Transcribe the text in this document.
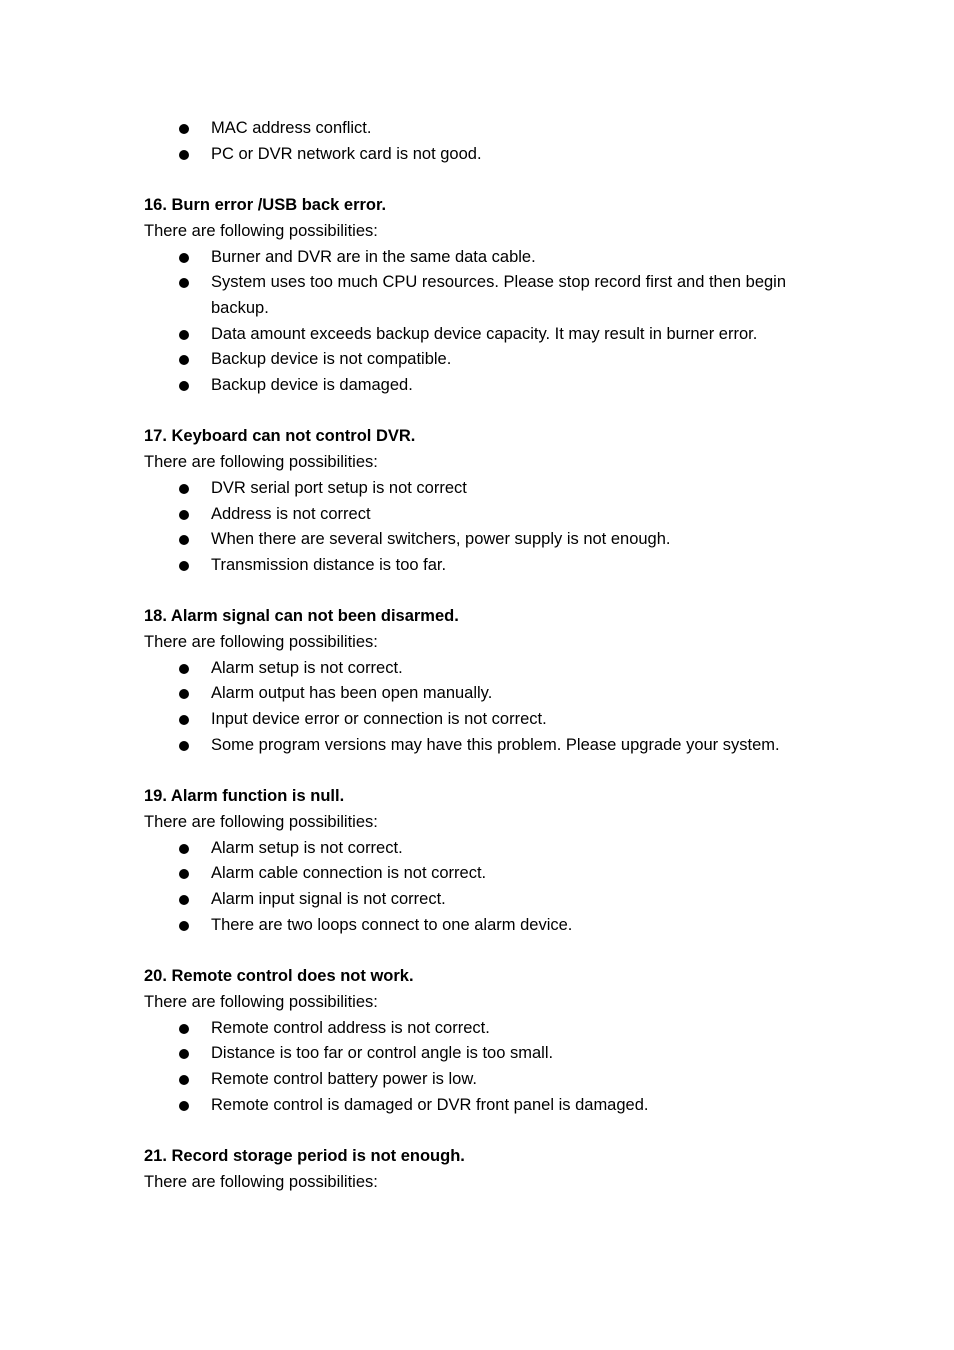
MAC address conflict.
PC or DVR network card is not good.
16. Burn error /USB back error.
There are following possibilities:
Burner and DVR are in the same data cable.
System uses too much CPU resources. Please stop record first and then begin backup.
Data amount exceeds backup device capacity. It may result in burner error.
Backup device is not compatible.
Backup device is damaged.
17. Keyboard can not control DVR.
There are following possibilities:
DVR serial port setup is not correct
Address is not correct
When there are several switchers, power supply is not enough.
Transmission distance is too far.
18. Alarm signal can not been disarmed.
There are following possibilities:
Alarm setup is not correct.
Alarm output has been open manually.
Input device error or connection is not correct.
Some program versions may have this problem. Please upgrade your system.
19. Alarm function is null.
There are following possibilities:
Alarm setup is not correct.
Alarm cable connection is not correct.
Alarm input signal is not correct.
There are two loops connect to one alarm device.
20. Remote control does not work.
There are following possibilities:
Remote control address is not correct.
Distance is too far or control angle is too small.
Remote control battery power is low.
Remote control is damaged or DVR front panel is damaged.
21. Record storage period is not enough.
There are following possibilities:
